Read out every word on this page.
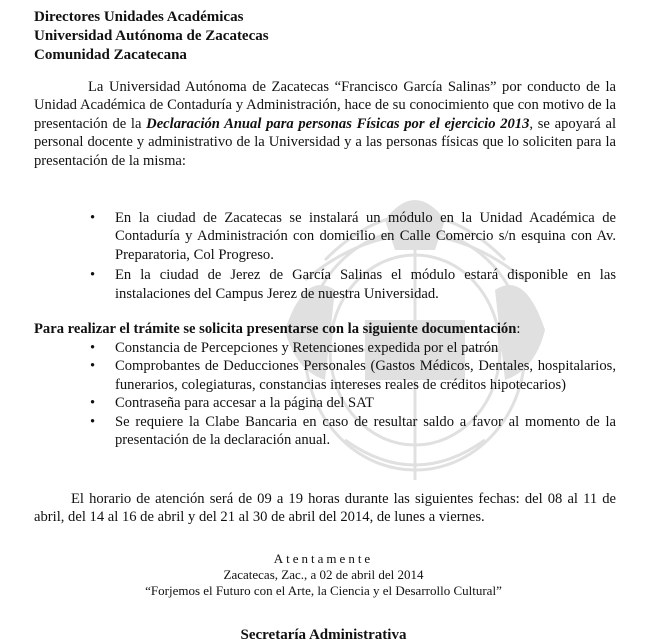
Directores Unidades Académicas
Universidad Autónoma de Zacatecas
Comunidad Zacatecana
La Universidad Autónoma de Zacatecas “Francisco García Salinas” por conducto de la Unidad Académica de Contaduría y Administración, hace de su conocimiento que con motivo de la presentación de la Declaración Anual para personas Físicas por el ejercicio 2013, se apoyará al personal docente y administrativo de la Universidad y a las personas físicas que lo soliciten para la presentación de la misma:
• En la ciudad de Zacatecas se instalará un módulo en la Unidad Académica de Contaduría y Administración con domicilio en Calle Comercio s/n esquina con Av. Preparatoria, Col Progreso.
• En la ciudad de Jerez de García Salinas el módulo estará disponible en las instalaciones del Campus Jerez de nuestra Universidad.
Para realizar el trámite se solicita presentarse con la siguiente documentación:
• Constancia de Percepciones y Retenciones expedida por el patrón
• Comprobantes de Deducciones Personales (Gastos Médicos, Dentales, hospitalarios, funerarios, colegiaturas, constancias intereses reales de créditos hipotecarios)
• Contraseña para accesar a la página del SAT
• Se requiere la Clabe Bancaria en caso de resultar saldo a favor al momento de la presentación de la declaración anual.
El horario de atención será de 09 a 19 horas durante las siguientes fechas: del 08 al 11 de abril, del 14 al 16 de abril y del 21 al 30 de abril del 2014, de lunes a viernes.
Atentamente
Zacatecas, Zac., a 02 de abril del 2014
“Forjemos el Futuro con el Arte, la Ciencia y el Desarrollo Cultural”
Secretaría Administrativa
